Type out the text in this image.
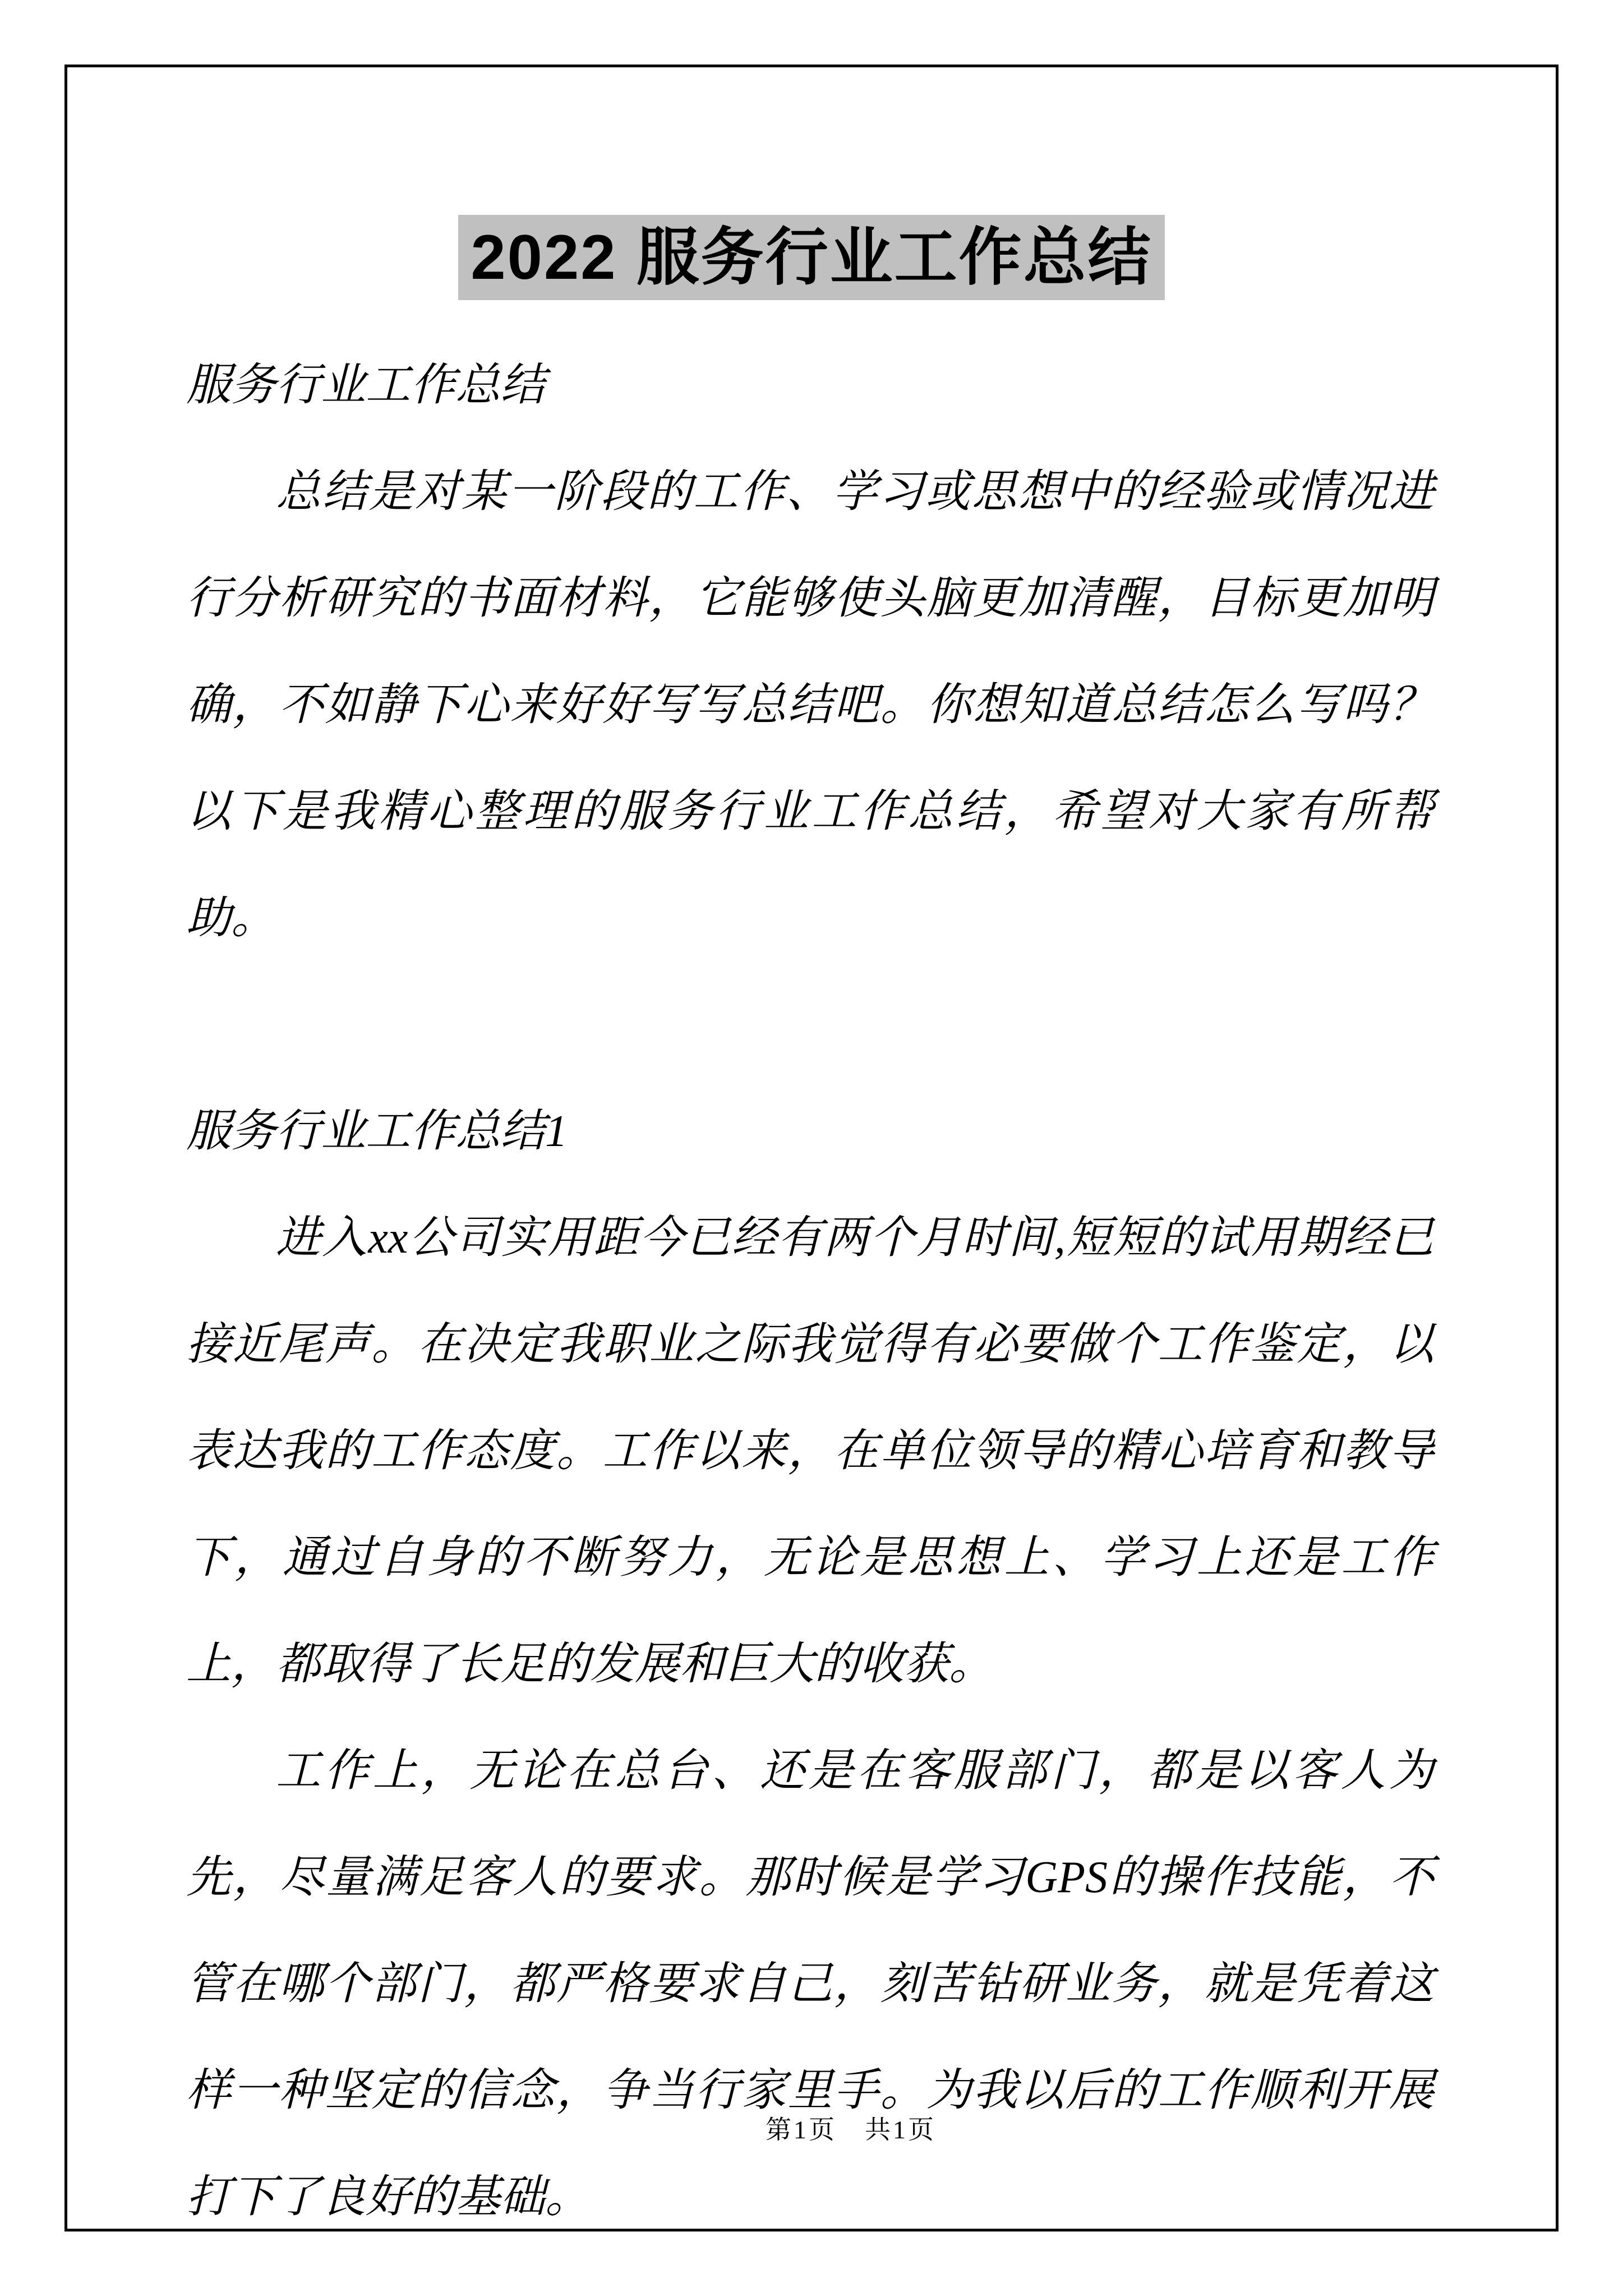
2022 服务行业工作总结
服务行业工作总结

总结是对某一阶段的工作、学习或思想中的经验或情况进行分析研究的书面材料，它能够使头脑更加清醒，目标更加明确，不如静下心来好好写写总结吧。你想知道总结怎么写吗？以下是我精心整理的服务行业工作总结，希望对大家有所帮助。

服务行业工作总结1

进入xx公司实用距今已经有两个月时间,短短的试用期经已接近尾声。在决定我职业之际我觉得有必要做个工作鉴定，以表达我的工作态度。工作以来，在单位领导的精心培育和教导下，通过自身的不断努力，无论是思想上、学习上还是工作上，都取得了长足的发展和巨大的收获。

工作上，无论在总台、还是在客服部门，都是以客人为先，尽量满足客人的要求。那时候是学习GPS的操作技能，不管在哪个部门，都严格要求自己，刻苦钻研业务，就是凭着这样一种坚定的信念，争当行家里手。为我以后的工作顺利开展打下了良好的基础。

第1页　共1页
